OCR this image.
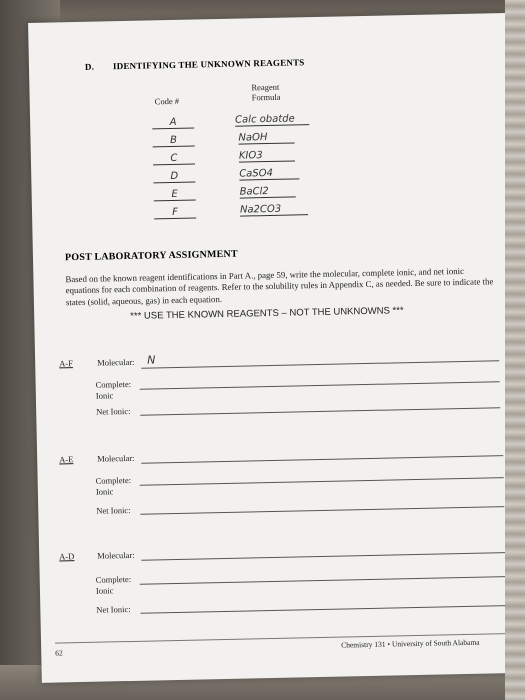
D. IDENTIFYING THE UNKNOWN REAGENTS
Code #
Reagent
Formula
A	Calc obatde
B	NaOH
C	KIO3
D	CaSO4
E	BaCl2
F	Na2CO3
POST LABORATORY ASSIGNMENT
Based on the known reagent identifications in Part A., page 59, write the molecular, complete ionic, and net ionic equations for each combination of reagents. Refer to the solubility rules in Appendix C, as needed. Be sure to indicate the states (solid, aqueous, gas) in each equation.
*** USE THE KNOWN REAGENTS – NOT THE UNKNOWNS ***
A-F	Molecular: N
Complete:
Ionic
Net Ionic:
A-E	Molecular:
Complete:
Ionic
Net Ionic:
A-D	Molecular:
Complete:
Ionic
Net Ionic:
62
Chemistry 131 • University of South Alabama
